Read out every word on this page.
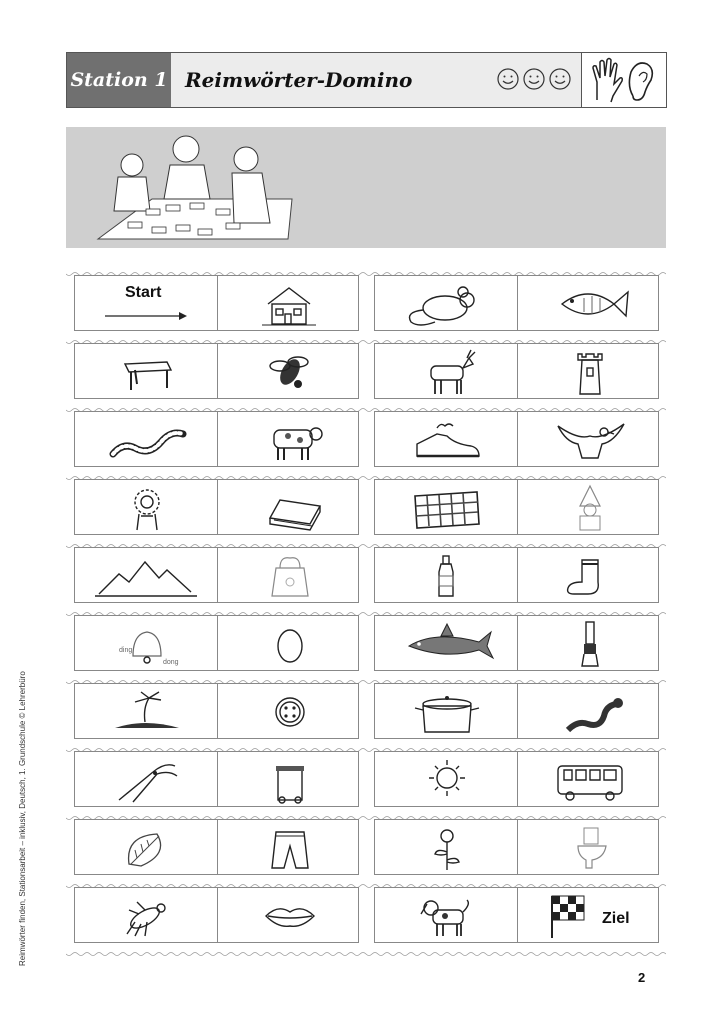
Station 1 Reimwörter-Domino
Start
ding
dong
Ziel
Reimwörter finden, Stationsarbeit – inklusiv, Deutsch, 1. Grundschule © Lehrerbüro
2
